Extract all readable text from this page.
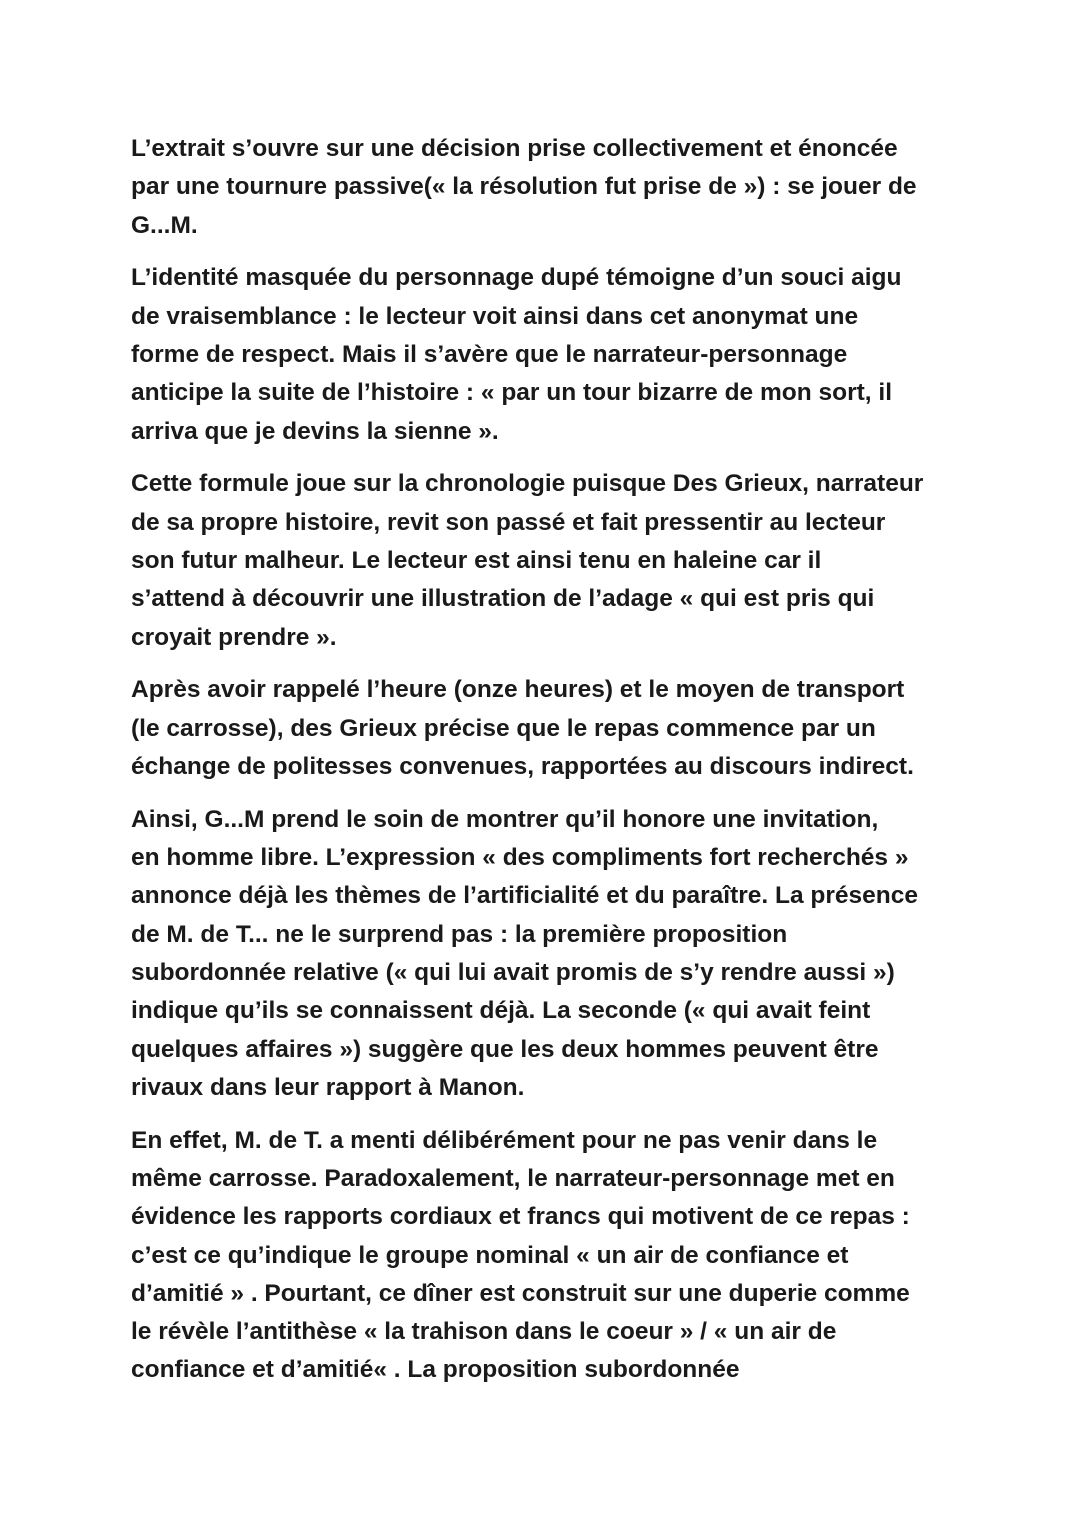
L’extrait s’ouvre sur une décision prise collectivement et énoncée
par une tournure passive(« la résolution fut prise de ») : se jouer de
G...M.
L’identité masquée du personnage dupé témoigne d’un souci aigu
de vraisemblance : le lecteur voit ainsi dans cet anonymat une
forme de respect. Mais il s’avère que le narrateur-personnage
anticipe la suite de l’histoire : « par un tour bizarre de mon sort, il
arriva que je devins la sienne ».
Cette formule joue sur la chronologie puisque Des Grieux, narrateur
de sa propre histoire, revit son passé et fait pressentir au lecteur
son futur malheur. Le lecteur est ainsi tenu en haleine car il
s’attend à découvrir une illustration de l’adage « qui est pris qui
croyait prendre ».
Après avoir rappelé l’heure (onze heures) et le moyen de transport
(le carrosse), des Grieux précise que le repas commence par un
échange de politesses convenues, rapportées au discours indirect.
Ainsi, G...M prend le soin de montrer qu’il honore une invitation,
en homme libre. L’expression « des compliments fort recherchés »
annonce déjà les thèmes de l’artificialité et du paraître. La présence
de M. de T... ne le surprend pas : la première proposition
subordonnée relative (« qui lui avait promis de s’y rendre aussi »)
indique qu’ils se connaissent déjà. La seconde (« qui avait feint
quelques affaires ») suggère que les deux hommes peuvent être
rivaux dans leur rapport à Manon.
En effet, M. de T. a menti délibérément pour ne pas venir dans le
même carrosse. Paradoxalement, le narrateur-personnage met en
évidence les rapports cordiaux et francs qui motivent de ce repas :
c’est ce qu’indique le groupe nominal « un air de confiance et
d’amitié » . Pourtant, ce dîner est construit sur une duperie comme
le révèle l’antithèse « la trahison dans le coeur » / « un air de
confiance et d’amitié« . La proposition subordonnée
